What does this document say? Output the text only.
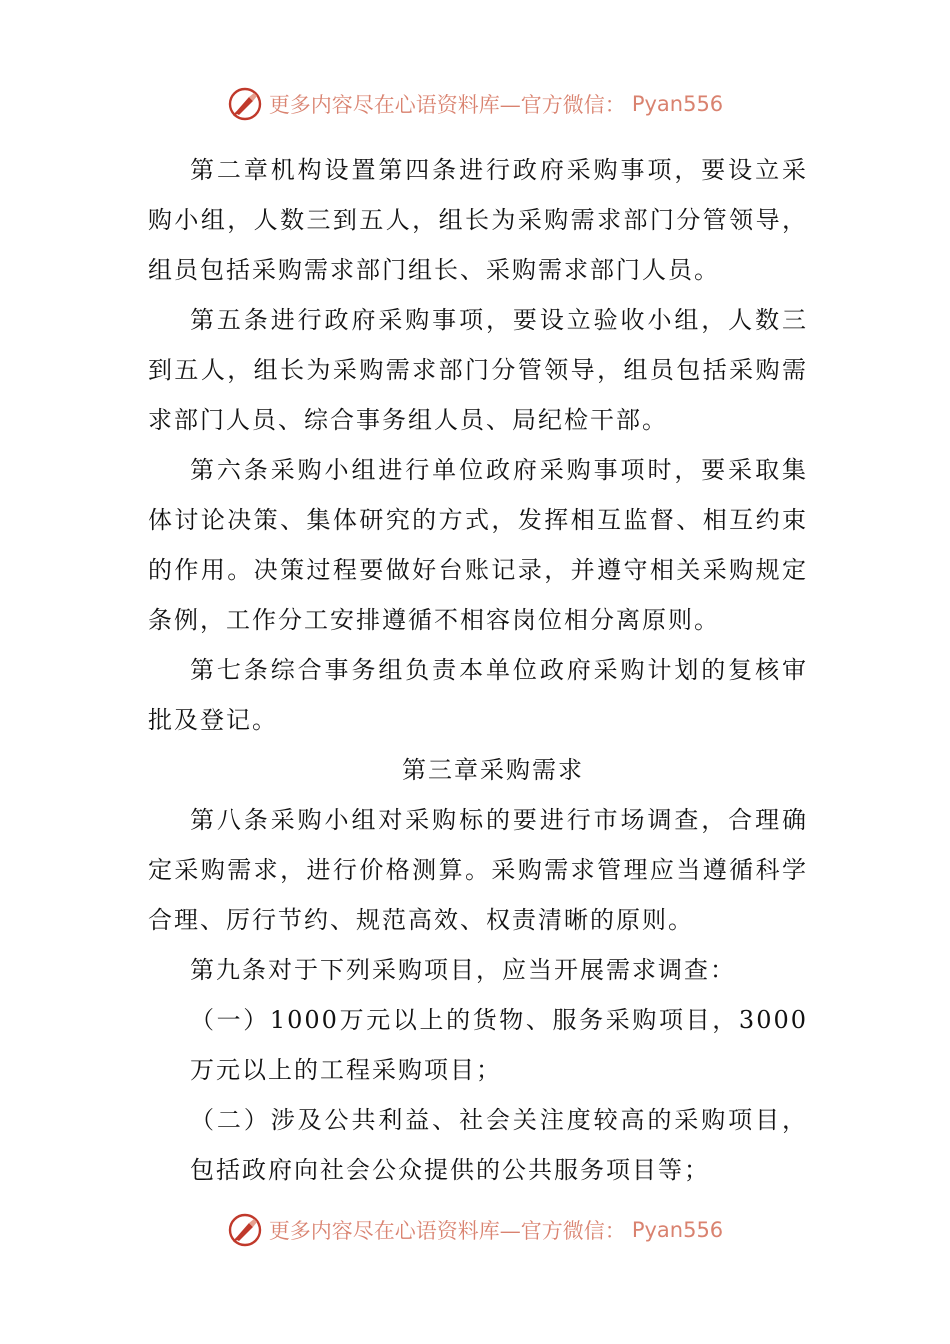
更多内容尽在心语资料库—官方微信： Pyan556

第二章机构设置第四条进行政府采购事项，要设立采购小组，人数三到五人，组长为采购需求部门分管领导，组员包括采购需求部门组长、采购需求部门人员。

第五条进行政府采购事项，要设立验收小组，人数三到五人，组长为采购需求部门分管领导，组员包括采购需求部门人员、综合事务组人员、局纪检干部。

第六条采购小组进行单位政府采购事项时，要采取集体讨论决策、集体研究的方式，发挥相互监督、相互约束的作用。决策过程要做好台账记录，并遵守相关采购规定条例，工作分工安排遵循不相容岗位相分离原则。

第七条综合事务组负责本单位政府采购计划的复核审批及登记。

第三章采购需求

第八条采购小组对采购标的要进行市场调查，合理确定采购需求，进行价格测算。采购需求管理应当遵循科学合理、厉行节约、规范高效、权责清晰的原则。

第九条对于下列采购项目，应当开展需求调查：

（一）1000万元以上的货物、服务采购项目，3000万元以上的工程采购项目；

（二）涉及公共利益、社会关注度较高的采购项目，包括政府向社会公众提供的公共服务项目等；

更多内容尽在心语资料库—官方微信： Pyan556
